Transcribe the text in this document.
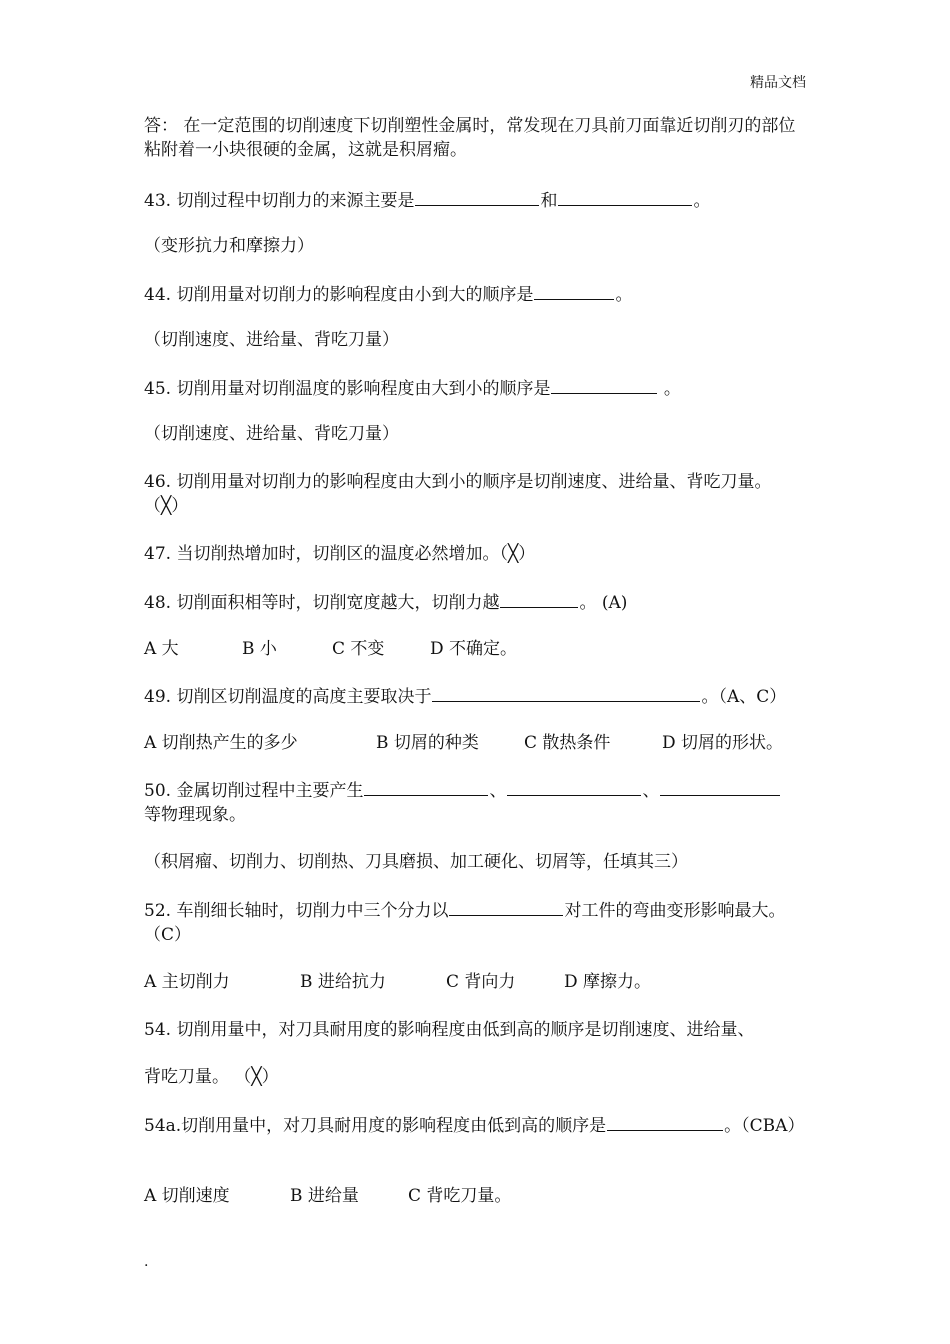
精品文档
答： 在一定范围的切削速度下切削塑性金属时，常发现在刀具前刀面靠近切削刃的部位粘附着一小块很硬的金属，这就是积屑瘤。
43. 切削过程中切削力的来源主要是	和	。
（变形抗力和摩擦力）
44. 切削用量对切削力的影响程度由小到大的顺序是	。
（切削速度、进给量、背吃刀量）
45. 切削用量对切削温度的影响程度由大到小的顺序是	。
（切削速度、进给量、背吃刀量）
46. 切削用量对切削力的影响程度由大到小的顺序是切削速度、进给量、背吃刀量。 （╳）
47. 当切削热增加时，切削区的温度必然增加。（╳）
48. 切削面积相等时，切削宽度越大，切削力越	。 (A)
A 大	B 小	C 不变	D 不确定。
49. 切削区切削温度的高度主要取决于	。（A、C）
A 切削热产生的多少	B 切屑的种类	C 散热条件	D 切屑的形状。
50. 金属切削过程中主要产生	、	、
等物理现象。
（积屑瘤、切削力、切削热、刀具磨损、加工硬化、切屑等，任填其三）
52. 车削细长轴时，切削力中三个分力以	对工件的弯曲变形影响最大。 （C）
A 主切削力	B 进给抗力	C 背向力	D 摩擦力。
54. 切削用量中，对刀具耐用度的影响程度由低到高的顺序是切削速度、进给量、
背吃刀量。 （╳）
54a.切削用量中，对刀具耐用度的影响程度由低到高的顺序是	。（CBA）
A 切削速度	B 进给量	C 背吃刀量。
.
